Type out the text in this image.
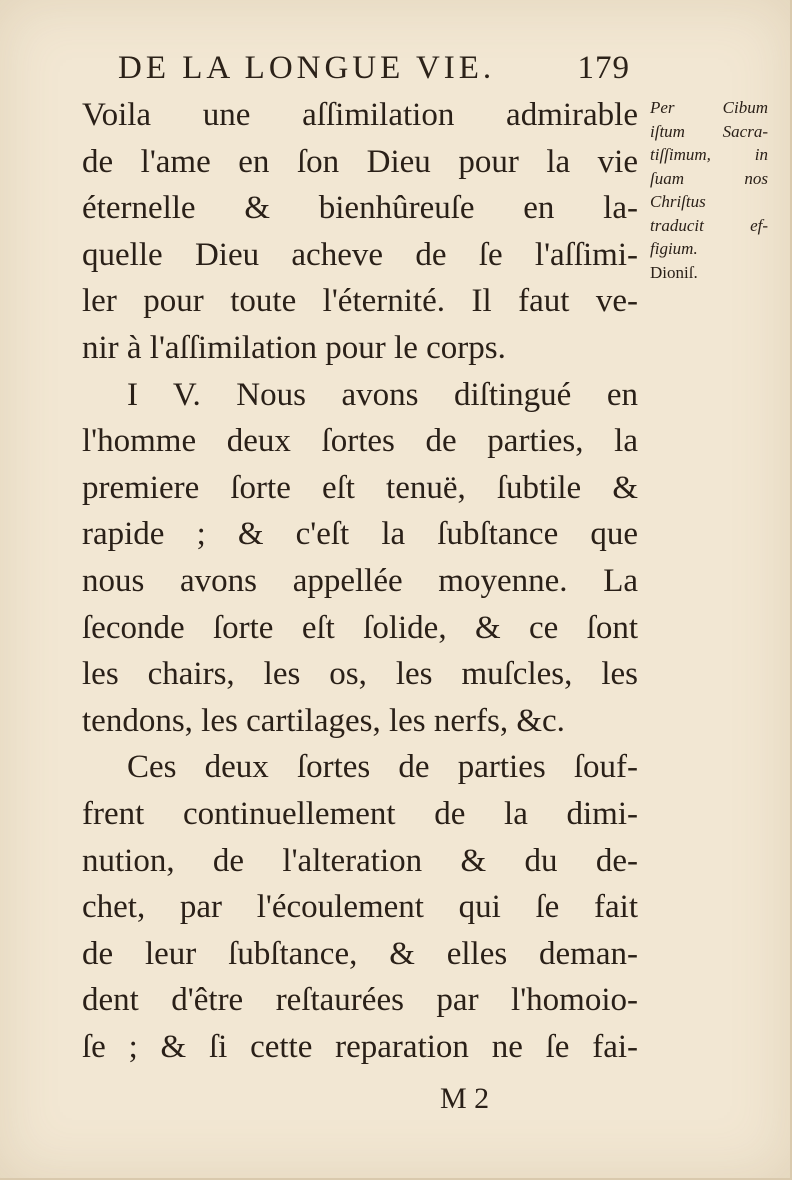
DE LA LONGUE VIE. 179
Voila une aſſimilation admirable
de l'ame en ſon Dieu pour la vie
éternelle & bienhûreuſe en la-
quelle Dieu acheve de ſe l'aſſimi-
ler pour toute l'éternité. Il faut ve-
nir à l'aſſimilation pour le corps.
I V. Nous avons diſtingué en
l'homme deux ſortes de parties, la
premiere ſorte eſt tenuë, ſubtile &
rapide ; & c'eſt la ſubſtance que
nous avons appellée moyenne. La
ſeconde ſorte eſt ſolide, & ce ſont
les chairs, les os, les muſcles, les
tendons, les cartilages, les nerfs, &c.
Ces deux ſortes de parties ſouf-
frent continuellement de la dimi-
nution, de l'alteration & du de-
chet, par l'écoulement qui ſe fait
de leur ſubſtance, & elles deman-
dent d'être reſtaurées par l'homoio-
ſe ; & ſi cette reparation ne ſe fai-
Per Cibum
iſtum Sacra-
tiſſimum, in
ſuam nos
Chriſtus
traducit ef-
figium.
Dioniſ.
M 2
